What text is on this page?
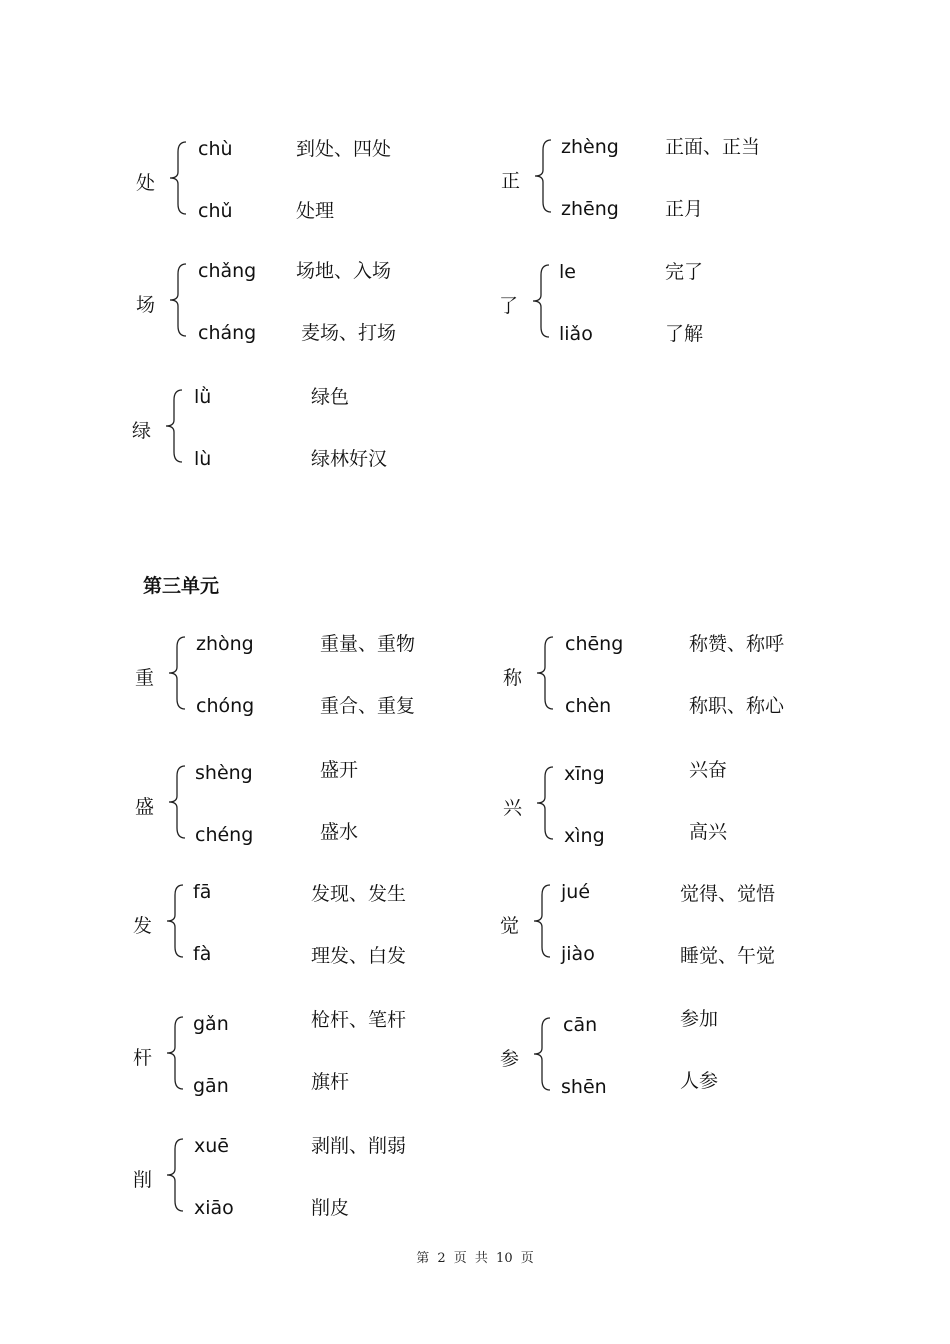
处
chù
chǔ
到处、四处
处理
正
zhèng
zhēng
正面、正当
正月
场
chǎng
cháng
场地、入场
麦场、打场
了
le
liǎo
完了
了解
绿
lǜ
lù
绿色
绿林好汉
第三单元
重
zhòng
chóng
重量、重物
重合、重复
称
chēng
chèn
称赞、称呼
称职、称心
盛
shèng
chéng
盛开
盛水
兴
xīng
xìng
兴奋
高兴
发
fā
fà
发现、发生
理发、白发
觉
jué
jiào
觉得、觉悟
睡觉、午觉
杆
gǎn
gān
枪杆、笔杆
旗杆
参
cān
shēn
参加
人参
削
xuē
xiāo
剥削、削弱
削皮
第 2 页 共 10 页
